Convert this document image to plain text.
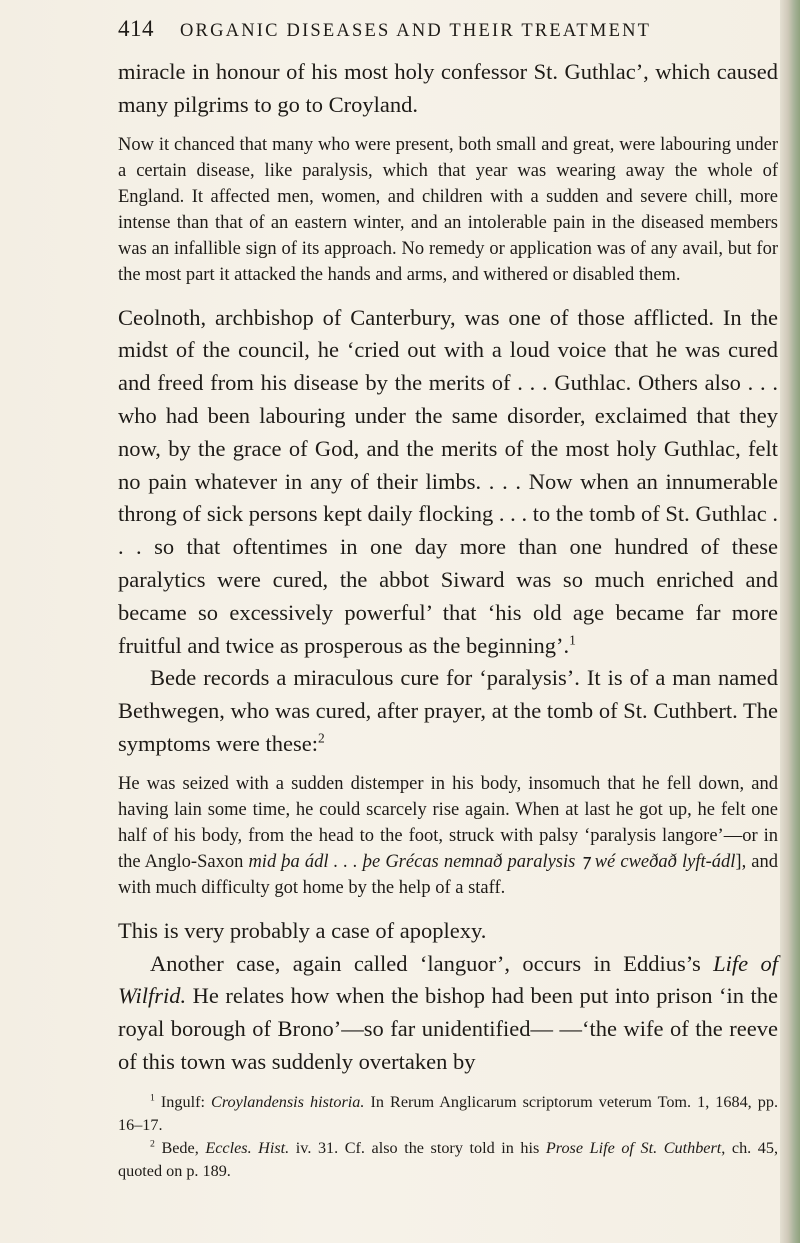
414 ORGANIC DISEASES AND THEIR TREATMENT

miracle in honour of his most holy confessor St. Guthlac’, which caused many pilgrims to go to Croyland.

Now it chanced that many who were present, both small and great, were labouring under a certain disease, like paralysis, which that year was wearing away the whole of England. It affected men, women, and children with a sudden and severe chill, more intense than that of an eastern winter, and an intolerable pain in the diseased members was an infallible sign of its approach. No remedy or application was of any avail, but for the most part it attacked the hands and arms, and withered or disabled them.

Ceolnoth, archbishop of Canterbury, was one of those afflicted. In the midst of the council, he ‘cried out with a loud voice that he was cured and freed from his disease by the merits of . . . Guthlac. Others also . . . who had been labouring under the same disorder, exclaimed that they now, by the grace of God, and the merits of the most holy Guthlac, felt no pain whatever in any of their limbs. . . . Now when an innumerable throng of sick persons kept daily flocking . . . to the tomb of St. Guthlac . . . so that oftentimes in one day more than one hundred of these paralytics were cured, the abbot Siward was so much enriched and became so excessively powerful’ that ‘his old age became far more fruitful and twice as prosperous as the beginning’.$^1$

Bede records a miraculous cure for ‘paralysis’. It is of a man named Bethwegen, who was cured, after prayer, at the tomb of St. Cuthbert. The symptoms were these:$^2$

He was seized with a sudden distemper in his body, insomuch that he fell down, and having lain some time, he could scarcely rise again. When at last he got up, he felt one half of his body, from the head to the foot, struck with palsy ‘paralysis langore’—or in the Anglo-Saxon mid þa ádl . . . þe Grécas nemnað paralysis ⁊ wé cweðað lyft-ádl], and with much difficulty got home by the help of a staff.

This is very probably a case of apoplexy.

Another case, again called ‘languor’, occurs in Eddius’s Life of Wilfrid. He relates how when the bishop had been put into prison ‘in the royal borough of Brono’—so far unidentified— —‘the wife of the reeve of this town was suddenly overtaken by

$^1$ Ingulf: Croylandensis historia. In Rerum Anglicarum scriptorum veterum Tom. 1, 1684, pp. 16–17.

$^2$ Bede, Eccles. Hist. iv. 31. Cf. also the story told in his Prose Life of St. Cuthbert, ch. 45, quoted on p. 189.
